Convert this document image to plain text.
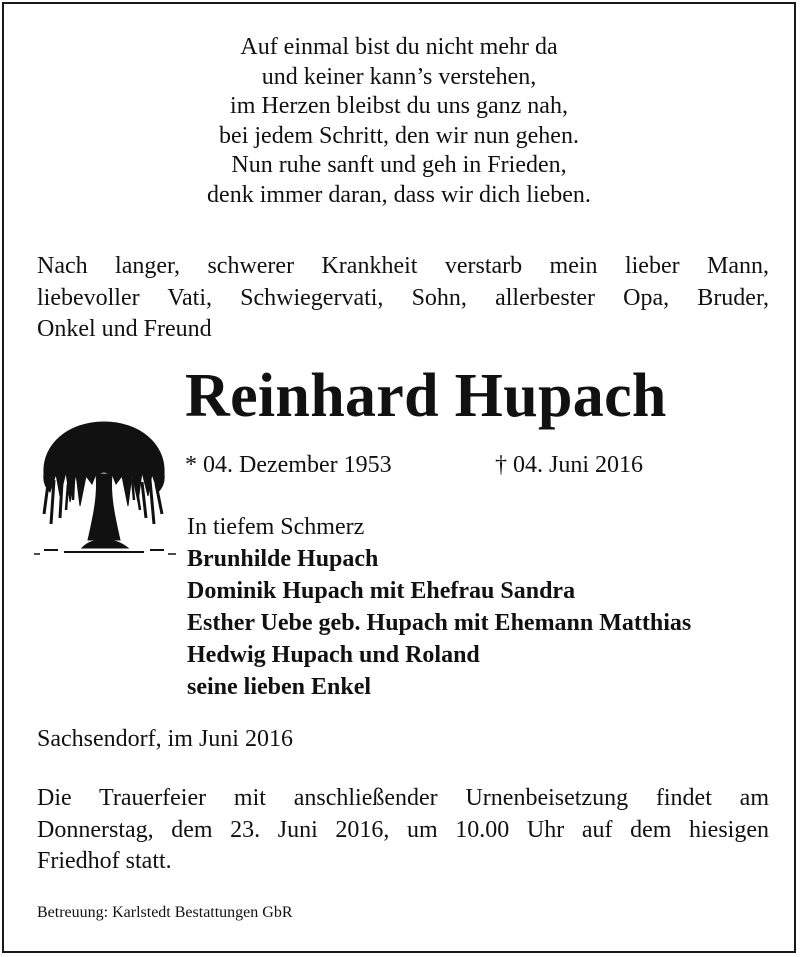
Auf einmal bist du nicht mehr da
und keiner kann’s verstehen,
im Herzen bleibst du uns ganz nah,
bei jedem Schritt, den wir nun gehen.
Nun ruhe sanft und geh in Frieden,
denk immer daran, dass wir dich lieben.
Nach langer, schwerer Krankheit verstarb mein lieber Mann,
liebevoller Vati, Schwiegervati, Sohn, allerbester Opa, Bruder,
Onkel und Freund
Reinhard Hupach
* 04. Dezember 1953	† 04. Juni 2016
In tiefem Schmerz
Brunhilde Hupach
Dominik Hupach mit Ehefrau Sandra
Esther Uebe geb. Hupach mit Ehemann Matthias
Hedwig Hupach und Roland
seine lieben Enkel
Sachsendorf, im Juni 2016
Die Trauerfeier mit anschließender Urnenbeisetzung findet am
Donnerstag, dem 23. Juni 2016, um 10.00 Uhr auf dem hiesigen
Friedhof statt.
Betreuung: Karlstedt Bestattungen GbR
